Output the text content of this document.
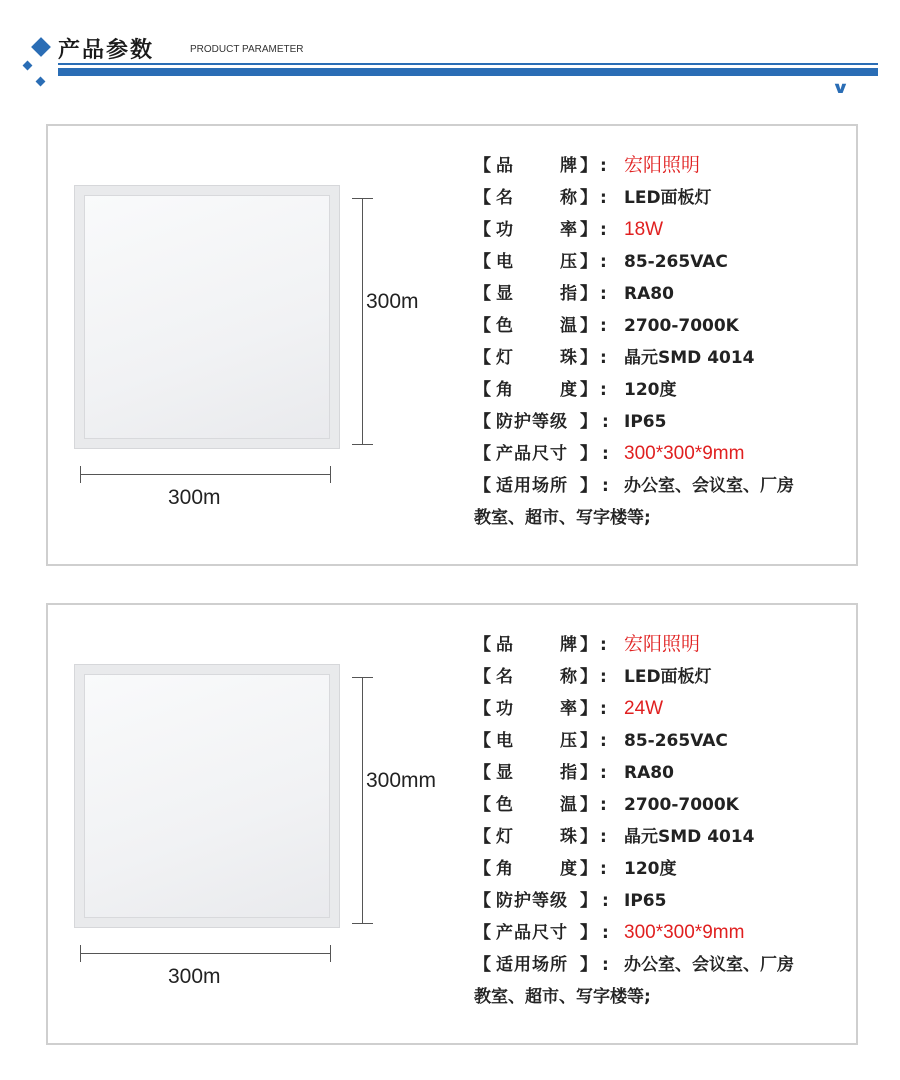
产品参数	PRODUCT PARAMETER
∨
300m
300m
【 品	牌 】 : 宏阳照明
【 名	称 】 : LED面板灯
【 功	率 】 : 18W
【 电	压 】 : 85-265VAC
【 显	指 】 : RA80
【 色	温 】 : 2700-7000K
【 灯	珠 】 : 晶元SMD 4014
【 角	度 】 : 120度
【 防护等级 】 : IP65
【 产品尺寸 】 : 300*300*9mm
【 适用场所 】 : 办公室、会议室、厂房
教室、超市、写字楼等;
300mm
300m
【 品	牌 】 : 宏阳照明
【 名	称 】 : LED面板灯
【 功	率 】 : 24W
【 电	压 】 : 85-265VAC
【 显	指 】 : RA80
【 色	温 】 : 2700-7000K
【 灯	珠 】 : 晶元SMD 4014
【 角	度 】 : 120度
【 防护等级 】 : IP65
【 产品尺寸 】 : 300*300*9mm
【 适用场所 】 : 办公室、会议室、厂房
教室、超市、写字楼等;
